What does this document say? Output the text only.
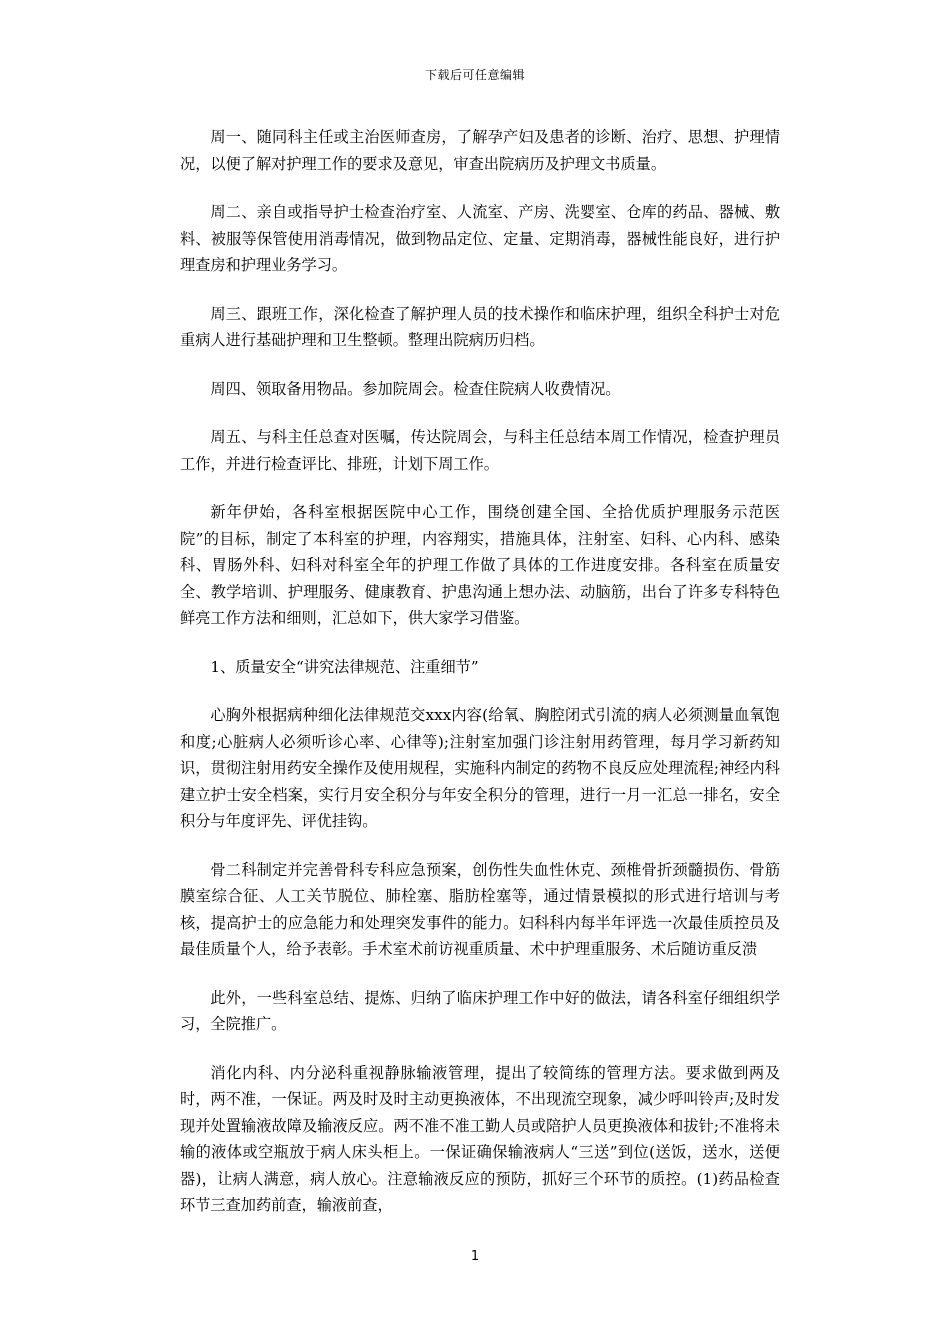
下载后可任意编辑

周一、随同科主任或主治医师查房，了解孕产妇及患者的诊断、治疗、思想、护理情况，以便了解对护理工作的要求及意见，审查出院病历及护理文书质量。

周二、亲自或指导护士检查治疗室、人流室、产房、洗婴室、仓库的药品、器械、敷料、被服等保管使用消毒情况，做到物品定位、定量、定期消毒，器械性能良好，进行护理查房和护理业务学习。

周三、跟班工作，深化检查了解护理人员的技术操作和临床护理，组织全科护士对危重病人进行基础护理和卫生整顿。整理出院病历归档。

周四、领取备用物品。参加院周会。检查住院病人收费情况。

周五、与科主任总查对医嘱，传达院周会，与科主任总结本周工作情况，检查护理员工作，并进行检查评比、排班，计划下周工作。

新年伊始，各科室根据医院中心工作，围绕创建全国、全拾优质护理服务示范医院”的目标，制定了本科室的护理，内容翔实，措施具体，注射室、妇科、心内科、感染科、胃肠外科、妇科对科室全年的护理工作做了具体的工作进度安排。各科室在质量安全、教学培训、护理服务、健康教育、护患沟通上想办法、动脑筋，出台了许多专科特色鲜亮工作方法和细则，汇总如下，供大家学习借鉴。

1、质量安全“讲究法律规范、注重细节”

心胸外根据病种细化法律规范交xxx内容(给氧、胸腔闭式引流的病人必须测量血氧饱和度;心脏病人必须听诊心率、心律等);注射室加强门诊注射用药管理，每月学习新药知识，贯彻注射用药安全操作及使用规程，实施科内制定的药物不良反应处理流程;神经内科建立护士安全档案，实行月安全积分与年安全积分的管理，进行一月一汇总一排名，安全积分与年度评先、评优挂钩。

骨二科制定并完善骨科专科应急预案，创伤性失血性休克、颈椎骨折颈髓损伤、骨筋膜室综合征、人工关节脱位、肺栓塞、脂肪栓塞等，通过情景模拟的形式进行培训与考核，提高护士的应急能力和处理突发事件的能力。妇科科内每半年评选一次最佳质控员及最佳质量个人，给予表彰。手术室术前访视重质量、术中护理重服务、术后随访重反溃

此外，一些科室总结、提炼、归纳了临床护理工作中好的做法，请各科室仔细组织学习，全院推广。

消化内科、内分泌科重视静脉输液管理，提出了较简练的管理方法。要求做到两及时，两不准，一保证。两及时及时主动更换液体，不出现流空现象，减少呼叫铃声;及时发现并处置输液故障及输液反应。两不准不准工勤人员或陪护人员更换液体和拔针;不准将未输的液体或空瓶放于病人床头柜上。一保证确保输液病人“三送”到位(送饭，送水，送便器)，让病人满意，病人放心。注意输液反应的预防，抓好三个环节的质控。(1)药品检查环节三查加药前查，输液前查，

1
